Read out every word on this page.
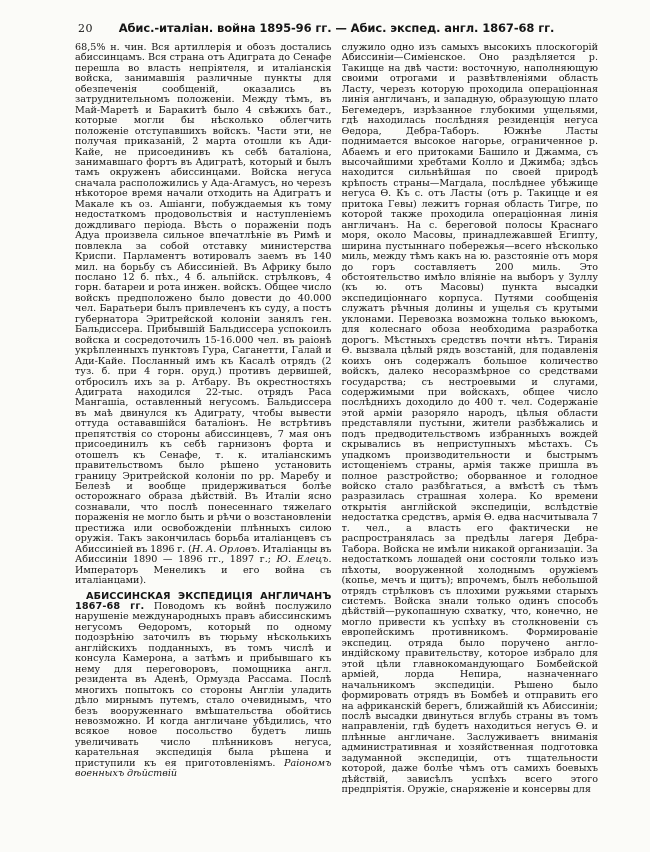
20	Абис.-италіан. война 1895-96 гг. — Абис. экспед. англ. 1867-68 гг.

68,5% н. чин. Вся артиллерія и обозъ достались абиссинцамъ. Вся страна отъ Адиграта до Сенафе перешла во власть непріятеля, и италіанскія войска, занимавшія различные пункты для обезпеченія сообщеній, оказались въ затруднительномъ положеніи. Между тѣмъ, въ Май-Маретѣ и Баракитѣ было 4 свѣжихъ бат., которые могли бы нѣсколько облегчить положеніе отступавшихъ войскъ. Части эти, не получая приказаній, 2 марта отошли къ Ади-Кайе, не присоединивъ къ себѣ баталіона, занимавшаго фортъ въ Адигратѣ, который и былъ тамъ окруженъ абиссинцами. Войска негуса сначала расположились у Ада-Агамусъ, но черезъ нѣкоторое время начали отходить на Адигратъ и Макале къ оз. Ашіанги, побуждаемыя къ тому недостаткомъ продовольствія и наступленіемъ дождливаго періода. Вѣсть о пораженіи подъ Адуа произвела сильное впечатлѣніе въ Римѣ и повлекла за собой отставку министерства Криспи. Парламентъ вотировалъ заемъ въ 140 мил. на борьбу съ Абиссиніей. Въ Африку было послано 12 б. пѣх., 4 б. альпійск. стрѣлковъ, 4 горн. батареи и рота инжен. войскъ. Общее число войскъ предположено было довести до 40.000 чел. Баратьери былъ привлеченъ къ суду, а постъ губернатора Эритрейской колоніи занялъ ген. Бальдиссера. Прибывшій Бальдиссера успокоилъ войска и сосредоточилъ 15-16.000 чел. въ раіонѣ укрѣпленныхъ пунктовъ Гура, Саганетти, Галай и Ади-Кайе. Посланный имъ къ Касалѣ отрядъ (2 туз. б. при 4 горн. оруд.) противъ дервишей, отбросилъ ихъ за р. Атбару. Въ окрестностяхъ Адиграта находился 22-тыс. отрядъ Раса Мангашіа, оставленный негусомъ. Бальдиссера въ маѣ двинулся къ Адиграту, чтобы вывести оттуда остававшійся баталіонъ. Не встрѣтивъ препятствія со стороны абиссинцевъ, 7 мая онъ присоединилъ къ себѣ гарнизонъ форта и отошелъ къ Сенафе, т. к. италіанскимъ правительствомъ было рѣшено установить границу Эритрейской колоніи по рр. Маребу и Белезѣ и вообще придерживаться болѣе осторожнаго образа дѣйствій. Въ Италіи ясно сознавали, что послѣ понесеннаго тяжелаго пораженія не могло быть и рѣчи о возстановленіи престижа или освобожденіи плѣнныхъ силою оружія. Такъ закончилась борьба италіанцевъ съ Абиссиніей въ 1896 г. (Н. А. Орловъ. Италіанцы въ Абиссиніи 1890 — 1896 гг., 1897 г.; Ю. Елецъ. Императоръ Менеликъ и его война съ италіанцами).

АБИССИНСКАЯ ЭКСПЕДИЦІЯ АНГЛИЧАНЪ 1867-68 гг. Поводомъ къ войнѣ послужило нарушеніе международныхъ правъ абиссинскимъ негусомъ Ѳедоромъ, который по одному подозрѣнію заточилъ въ тюрьму нѣсколькихъ англійскихъ подданныхъ, въ томъ числѣ и консула Камерона, а затѣмъ и прибывшаго къ нему для переговоровъ, помощника англ. резидента въ Аденѣ, Ормузда Рассама. Послѣ многихъ попытокъ со стороны Англіи уладить дѣло мирнымъ путемъ, стало очевиднымъ, что безъ вооруженнаго вмѣшательства обойтись невозможно. И когда англичане убѣдились, что всякое новое посольство будетъ лишь увеличивать число плѣнниковъ негуса, карательная экспедиція была рѣшена и приступили къ ея приготовленіямъ. Раіономъ военныхъ дѣйствій

служило одно изъ самыхъ высокихъ плоскогорій Абиссиніи—Симіенское. Оно раздѣляется р. Такицце на двѣ части: восточную, наполняющую своими отрогами и развѣтвленіями область Ласту, черезъ которую проходила операціонная линія англичанъ, и западную, образующую плато Бегемедеръ, изрѣзанное глубокими ущельями, гдѣ находилась послѣдняя резиденція негуса Ѳедора, Дебра-Таборъ. Южнѣе Ласты поднимается высокое нагорье, ограниченное р. Абаемъ и его притоками Башило и Джамма, съ высочайшими хребтами Колло и Джимба; здѣсь находится сильнѣйшая по своей природѣ крѣпость страны—Магдала, послѣднее убѣжище негуса Ѳ. Къ с. отъ Ласты (отъ р. Такицце и ея притока Гевы) лежитъ горная область Тигре, по которой также проходила операціонная линія англичанъ. На с. береговой полосы Краснаго моря, около Масовы, принадлежавшей Египту, ширина пустыннаго побережья—всего нѣсколько миль, между тѣмъ какъ на ю. разстояніе отъ моря до горъ составляетъ 200 миль. Это обстоятельство имѣло вліяніе на выборъ у Зуллу (къ ю. отъ Масовы) пункта высадки экспедиціоннаго корпуса. Путями сообщенія служатъ рѣчныя долины и ущелья съ крутыми уклонами. Перевозка возможна только вьюкомъ, для колеснаго обоза необходима разработка дорогъ. Мѣстныхъ средствъ почти нѣтъ. Тиранія Ѳ. вызвала цѣлый рядъ возстаній, для подавленія коихъ онъ содержалъ большое количество войскъ, далеко несоразмѣрное со средствами государства; съ нестроевыми и слугами, содержимыми при войскахъ, общее число послѣднихъ доходило до 400 т. чел. Содержаніе этой арміи разоряло народъ, цѣлыя области представляли пустыни, жители разбѣжались и подъ предводительствомъ избранныхъ вождей скрывались въ неприступныхъ мѣстахъ. Съ упадкомъ производительности и быстрымъ истощеніемъ страны, армія также пришла въ полное разстройство; оборванное и голодное войско стало разбѣгаться, а вмѣстѣ съ тѣмъ разразилась страшная холера. Ко времени открытія англійской экспедиціи, вслѣдствіе недостатка средствъ, армія Ѳ. едва насчитывала 7 т. чел., а власть его фактически не распространялась за предѣлы лагеря Дебра-Табора. Войска не имѣли никакой организаціи. За недостаткомъ лошадей они состояли только изъ пѣхоты, вооруженной холоднымъ оружіемъ (копье, мечъ и щитъ); впрочемъ, былъ небольшой отрядъ стрѣлковъ съ плохими ружьями старыхъ системъ. Войска знали только одинъ способъ дѣйствій—рукопашную схватку, что, конечно, не могло привести къ успѣху въ столкновеніи съ европейскимъ противникомъ. Формированіе экспедиц. отряда было поручено англо-индійскому правительству, которое избрало для этой цѣли главнокомандующаго Бомбейской арміей, лорда Непира, назначеннаго начальникомъ экспедиціи. Рѣшено было формировать отрядъ въ Бомбеѣ и отправить его на африканскій берегъ, ближайшій къ Абиссиніи; послѣ высадки двинуться вглубь страны въ томъ направленіи, гдѣ будетъ находиться негусъ Ѳ. и плѣнные англичане. Заслуживаетъ вниманія административная и хозяйственная подготовка задуманной экспедиціи, отъ тщательности которой, даже болѣе чѣмъ отъ самихъ боевыхъ дѣйствій, зависѣлъ успѣхъ всего этого предпріятія. Оружіе, снаряженіе и консервы для
